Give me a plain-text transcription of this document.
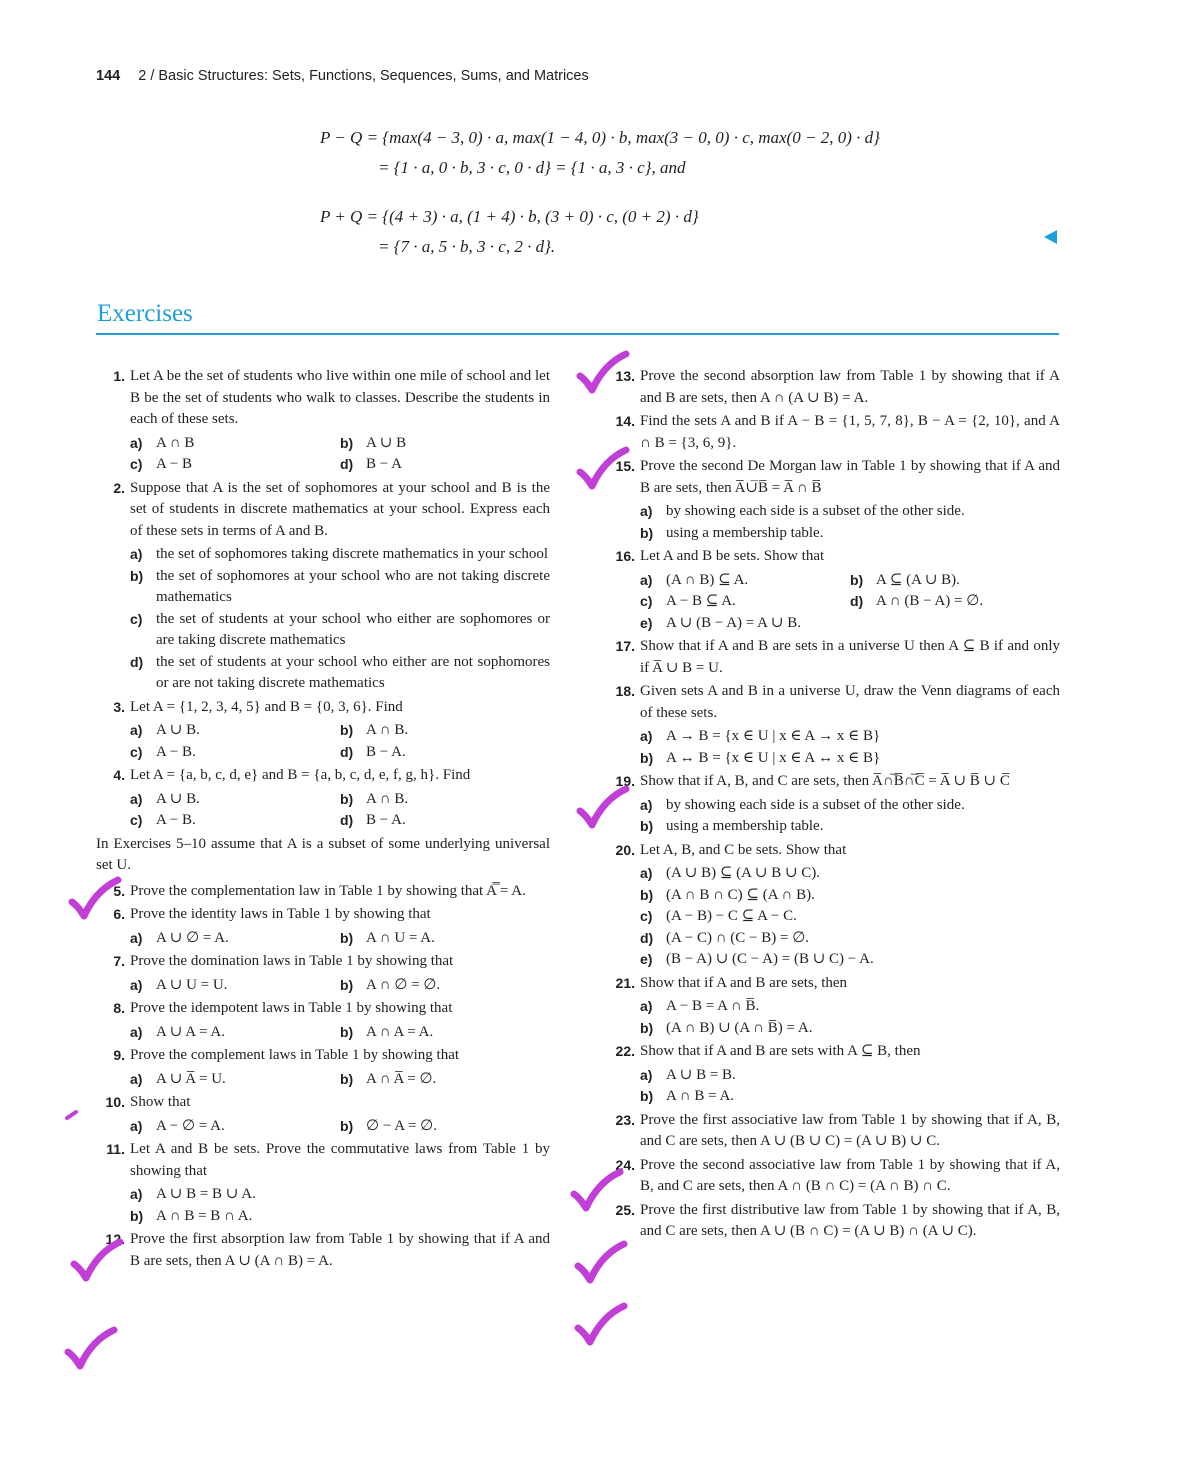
144 2 / Basic Structures: Sets, Functions, Sequences, Sums, and Matrices
P − Q = {max(4 − 3, 0) · a, max(1 − 4, 0) · b, max(3 − 0, 0) · c, max(0 − 2, 0) · d}
= {1 · a, 0 · b, 3 · c, 0 · d} = {1 · a, 3 · c}, and
P + Q = {(4 + 3) · a, (1 + 4) · b, (3 + 0) · c, (0 + 2) · d}
= {7 · a, 5 · b, 3 · c, 2 · d}.
Exercises
1. Let A be the set of students who live within one mile of school and let B be the set of students who walk to classes. Describe the students in each of these sets.
a) A ∩ B	b) A ∪ B
c) A − B	d) B − A
2. Suppose that A is the set of sophomores at your school and B is the set of students in discrete mathematics at your school. Express each of these sets in terms of A and B.
a) the set of sophomores taking discrete mathematics in your school
b) the set of sophomores at your school who are not taking discrete mathematics
c) the set of students at your school who either are sophomores or are taking discrete mathematics
d) the set of students at your school who either are not sophomores or are not taking discrete mathematics
3. Let A = {1, 2, 3, 4, 5} and B = {0, 3, 6}. Find
a) A ∪ B.	b) A ∩ B.
c) A − B.	d) B − A.
4. Let A = {a, b, c, d, e} and B = {a, b, c, d, e, f, g, h}. Find
a) A ∪ B.	b) A ∩ B.
c) A − B.	d) B − A.
In Exercises 5–10 assume that A is a subset of some underlying universal set U.
5. Prove the complementation law in Table 1 by showing that A̿ = A.
6. Prove the identity laws in Table 1 by showing that
a) A ∪ ∅ = A.	b) A ∩ U = A.
7. Prove the domination laws in Table 1 by showing that
a) A ∪ U = U.	b) A ∩ ∅ = ∅.
8. Prove the idempotent laws in Table 1 by showing that
a) A ∪ A = A.	b) A ∩ A = A.
9. Prove the complement laws in Table 1 by showing that
a) A ∪ A̅ = U.	b) A ∩ A̅ = ∅.
10. Show that
a) A − ∅ = A.	b) ∅ − A = ∅.
11. Let A and B be sets. Prove the commutative laws from Table 1 by showing that
a) A ∪ B = B ∪ A.
b) A ∩ B = B ∩ A.
12. Prove the first absorption law from Table 1 by showing that if A and B are sets, then A ∪ (A ∩ B) = A.
13. Prove the second absorption law from Table 1 by showing that if A and B are sets, then A ∩ (A ∪ B) = A.
14. Find the sets A and B if A − B = {1, 5, 7, 8}, B − A = {2, 10}, and A ∩ B = {3, 6, 9}.
15. Prove the second De Morgan law in Table 1 by showing that if A and B are sets, then A̅∪̅B̅ = A̅ ∩ B̅
a) by showing each side is a subset of the other side.
b) using a membership table.
16. Let A and B be sets. Show that
a) (A ∩ B) ⊆ A.	b) A ⊆ (A ∪ B).
c) A − B ⊆ A.	d) A ∩ (B − A) = ∅.
e) A ∪ (B − A) = A ∪ B.
17. Show that if A and B are sets in a universe U then A ⊆ B if and only if A̅ ∪ B = U.
18. Given sets A and B in a universe U, draw the Venn diagrams of each of these sets.
a) A → B = {x ∈ U | x ∈ A → x ∈ B}
b) A ↔ B = {x ∈ U | x ∈ A ↔ x ∈ B}
19. Show that if A, B, and C are sets, then A̅∩̅B̅∩̅C̅ = A̅ ∪ B̅ ∪ C̅
a) by showing each side is a subset of the other side.
b) using a membership table.
20. Let A, B, and C be sets. Show that
a) (A ∪ B) ⊆ (A ∪ B ∪ C).
b) (A ∩ B ∩ C) ⊆ (A ∩ B).
c) (A − B) − C ⊆ A − C.
d) (A − C) ∩ (C − B) = ∅.
e) (B − A) ∪ (C − A) = (B ∪ C) − A.
21. Show that if A and B are sets, then
a) A − B = A ∩ B̅.
b) (A ∩ B) ∪ (A ∩ B̅) = A.
22. Show that if A and B are sets with A ⊆ B, then
a) A ∪ B = B.
b) A ∩ B = A.
23. Prove the first associative law from Table 1 by showing that if A, B, and C are sets, then A ∪ (B ∪ C) = (A ∪ B) ∪ C.
24. Prove the second associative law from Table 1 by showing that if A, B, and C are sets, then A ∩ (B ∩ C) = (A ∩ B) ∩ C.
25. Prove the first distributive law from Table 1 by showing that if A, B, and C are sets, then A ∪ (B ∩ C) = (A ∪ B) ∩ (A ∪ C).
